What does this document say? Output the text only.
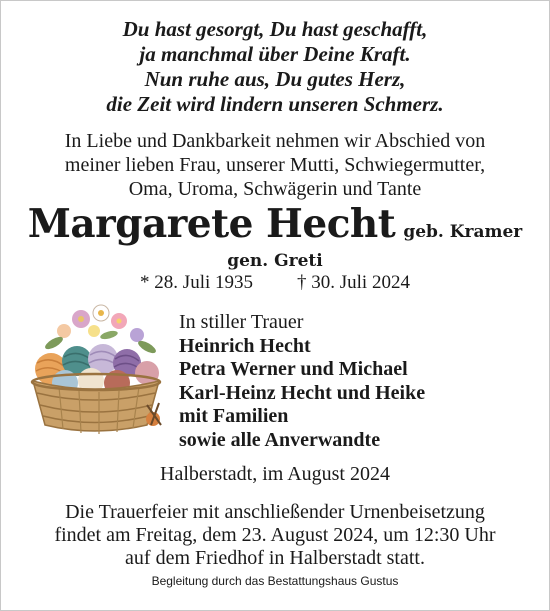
Du hast gesorgt, Du hast geschafft,
ja manchmal über Deine Kraft.
Nun ruhe aus, Du gutes Herz,
die Zeit wird lindern unseren Schmerz.
In Liebe und Dankbarkeit nehmen wir Abschied von
meiner lieben Frau, unserer Mutti, Schwiegermutter,
Oma, Uroma, Schwägerin und Tante
Margarete Hecht geb. Kramer
gen. Greti
* 28. Juli 1935 † 30. Juli 2024
In stiller Trauer
Heinrich Hecht
Petra Werner und Michael
Karl-Heinz Hecht und Heike
mit Familien
sowie alle Anverwandte
Halberstadt, im August 2024
Die Trauerfeier mit anschließender Urnenbeisetzung
findet am Freitag, dem 23. August 2024, um 12:30 Uhr
auf dem Friedhof in Halberstadt statt.
Begleitung durch das Bestattungshaus Gustus
